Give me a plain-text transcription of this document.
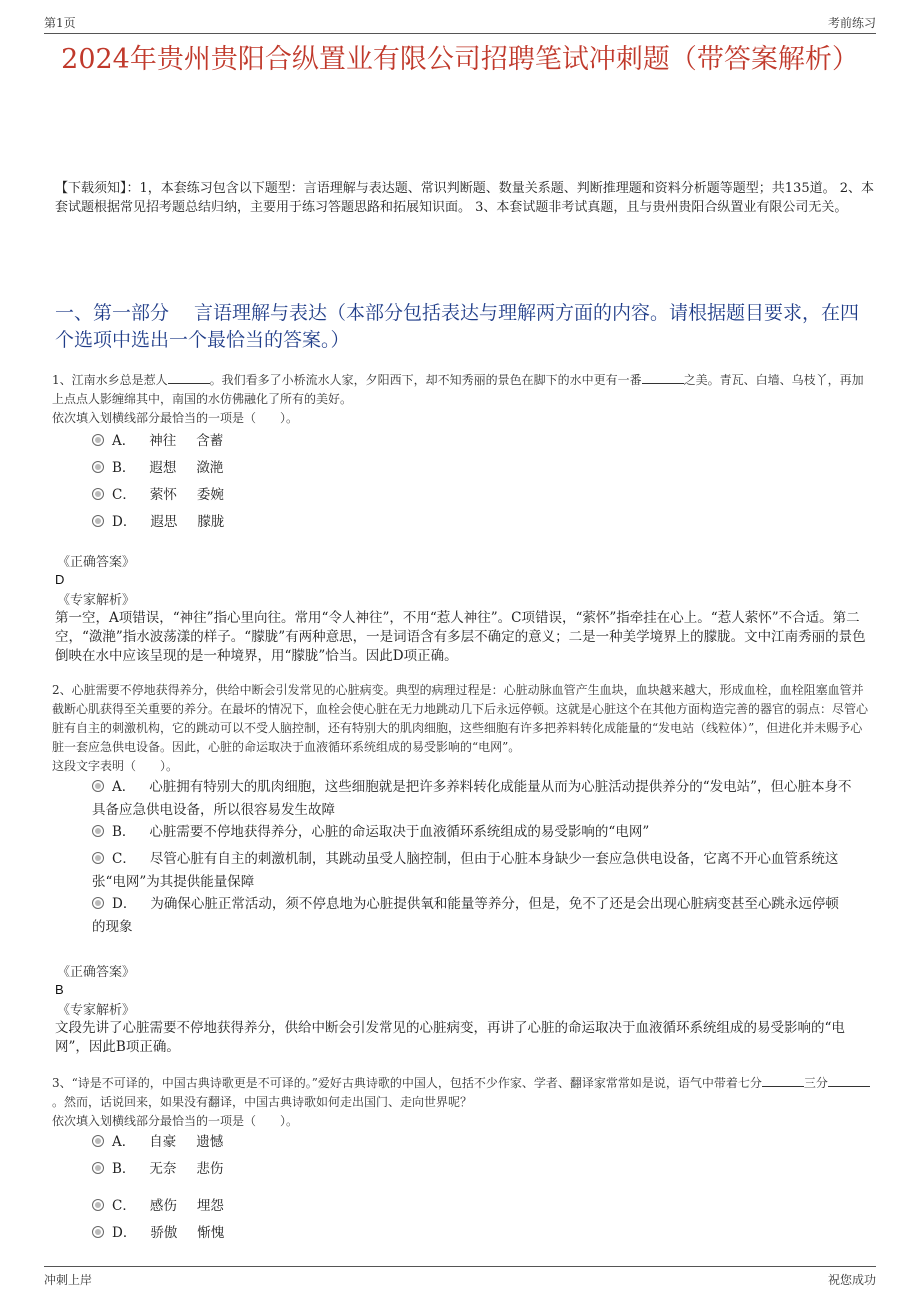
第1页	考前练习
2024年贵州贵阳合纵置业有限公司招聘笔试冲刺题（带答案解析）
【下载须知】：1，本套练习包含以下题型：言语理解与表达题、常识判断题、数量关系题、判断推理题和资料分析题等题型；共135道。 2、本套试题根据常见招考题总结归纳，主要用于练习答题思路和拓展知识面。 3、本套试题非考试真题，且与贵州贵阳合纵置业有限公司无关。
一、第一部分　 言语理解与表达（本部分包括表达与理解两方面的内容。请根据题目要求，在四个选项中选出一个最恰当的答案。）
1、江南水乡总是惹人	。我们看多了小桥流水人家，夕阳西下，却不知秀丽的景色在脚下的水中更有一番	之美。青瓦、白墙、乌枝丫，再加上点点人影缠绵其中，南国的水仿佛融化了所有的美好。
依次填入划横线部分最恰当的一项是（　　）。
A． 神往 含蓄
B． 遐想 潋滟
C． 萦怀 委婉
D． 遐思 朦胧
《正确答案》
D
《专家解析》
第一空，A项错误，“神往”指心里向往。常用“令人神往”，不用“惹人神往”。C项错误，“萦怀”指牵挂在心上。“惹人萦怀”不合适。第二空，“潋滟”指水波荡漾的样子。“朦胧”有两种意思，一是词语含有多层不确定的意义；二是一种美学境界上的朦胧。文中江南秀丽的景色倒映在水中应该呈现的是一种境界，用“朦胧”恰当。因此D项正确。
2、心脏需要不停地获得养分，供给中断会引发常见的心脏病变。典型的病理过程是：心脏动脉血管产生血块，血块越来越大，形成血栓，血栓阻塞血管并截断心肌获得至关重要的养分。在最坏的情况下，血栓会使心脏在无力地跳动几下后永远停顿。这就是心脏这个在其他方面构造完善的器官的弱点：尽管心脏有自主的刺激机构，它的跳动可以不受人脑控制，还有特别大的肌肉细胞，这些细胞有许多把养料转化成能量的“发电站（线粒体）”，但进化并未赐予心脏一套应急供电设备。因此，心脏的命运取决于血液循环系统组成的易受影响的“电网”。
这段文字表明（　　）。
A． 心脏拥有特别大的肌肉细胞，这些细胞就是把许多养料转化成能量从而为心脏活动提供养分的“发电站”，但心脏本身不具备应急供电设备，所以很容易发生故障
B． 心脏需要不停地获得养分，心脏的命运取决于血液循环系统组成的易受影响的“电网”
C． 尽管心脏有自主的刺激机制，其跳动虽受人脑控制，但由于心脏本身缺少一套应急供电设备，它离不开心血管系统这张“电网”为其提供能量保障
D． 为确保心脏正常活动，须不停息地为心脏提供氧和能量等养分，但是，免不了还是会出现心脏病变甚至心跳永远停顿的现象
《正确答案》
B
《专家解析》
文段先讲了心脏需要不停地获得养分，供给中断会引发常见的心脏病变，再讲了心脏的命运取决于血液循环系统组成的易受影响的“电网”，因此B项正确。
3、“诗是不可译的，中国古典诗歌更是不可译的。”爱好古典诗歌的中国人，包括不少作家、学者、翻译家常常如是说，语气中带着七分	三分。然而，话说回来，如果没有翻译，中国古典诗歌如何走出国门、走向世界呢？
依次填入划横线部分最恰当的一项是（　　）。
A． 自豪 遗憾
B． 无奈 悲伤
C． 感伤 埋怨
D． 骄傲 惭愧
冲刺上岸	祝您成功
